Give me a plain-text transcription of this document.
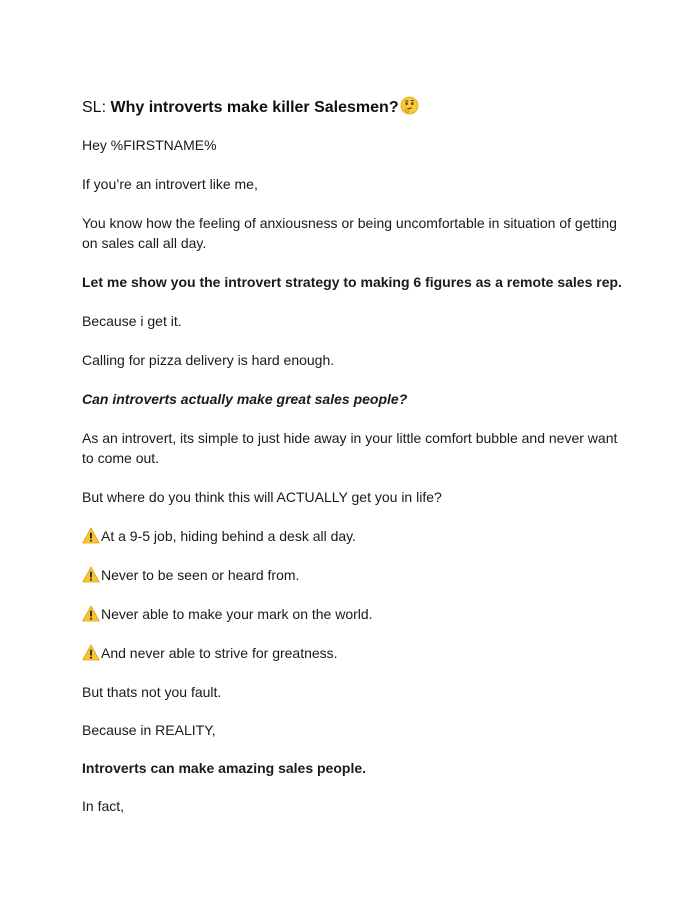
SL: Why introverts make killer Salesmen?

Hey %FIRSTNAME%

If you’re an introvert like me,

You know how the feeling of anxiousness or being uncomfortable in situation of getting on sales call all day.

Let me show you the introvert strategy to making 6 figures as a remote sales rep.

Because i get it.

Calling for pizza delivery is hard enough.

Can introverts actually make great sales people?

As an introvert, its simple to just hide away in your little comfort bubble and never want to come out.

But where do you think this will ACTUALLY get you in life?

At a 9-5 job, hiding behind a desk all day.

Never to be seen or heard from.

Never able to make your mark on the world.

And never able to strive for greatness.

But thats not you fault.

Because in REALITY,

Introverts can make amazing sales people.

In fact,
